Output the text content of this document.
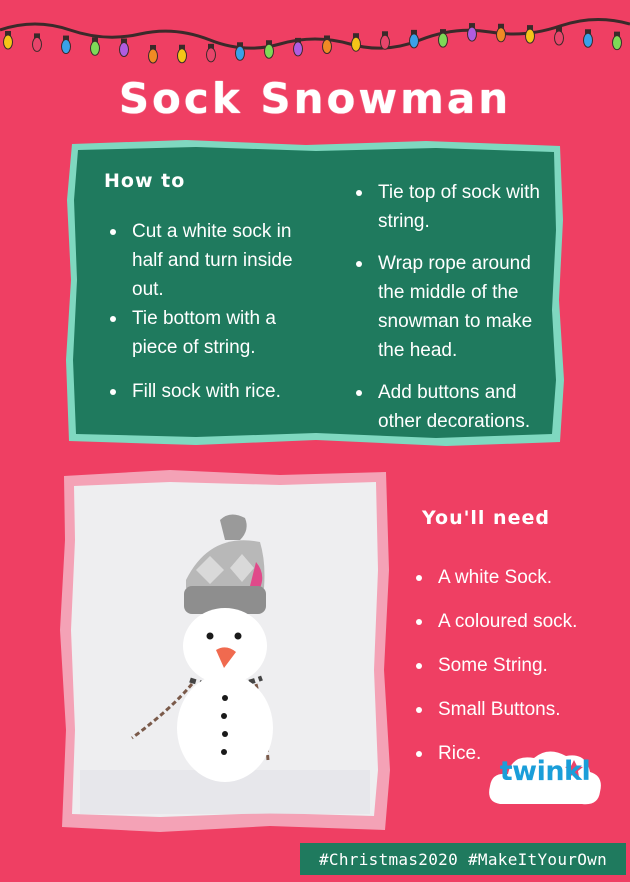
Sock Snowman
How to
Cut a white sock in half and turn inside out.
Tie bottom with a piece of string.
Fill sock with rice.
Tie top of sock with string.
Wrap rope around the middle of the snowman to make the head.
Add buttons and other decorations.
You'll need
A white Sock.
A coloured sock.
Some String.
Small Buttons.
Rice.
twinkl
#Christmas2020 #MakeItYourOwn
